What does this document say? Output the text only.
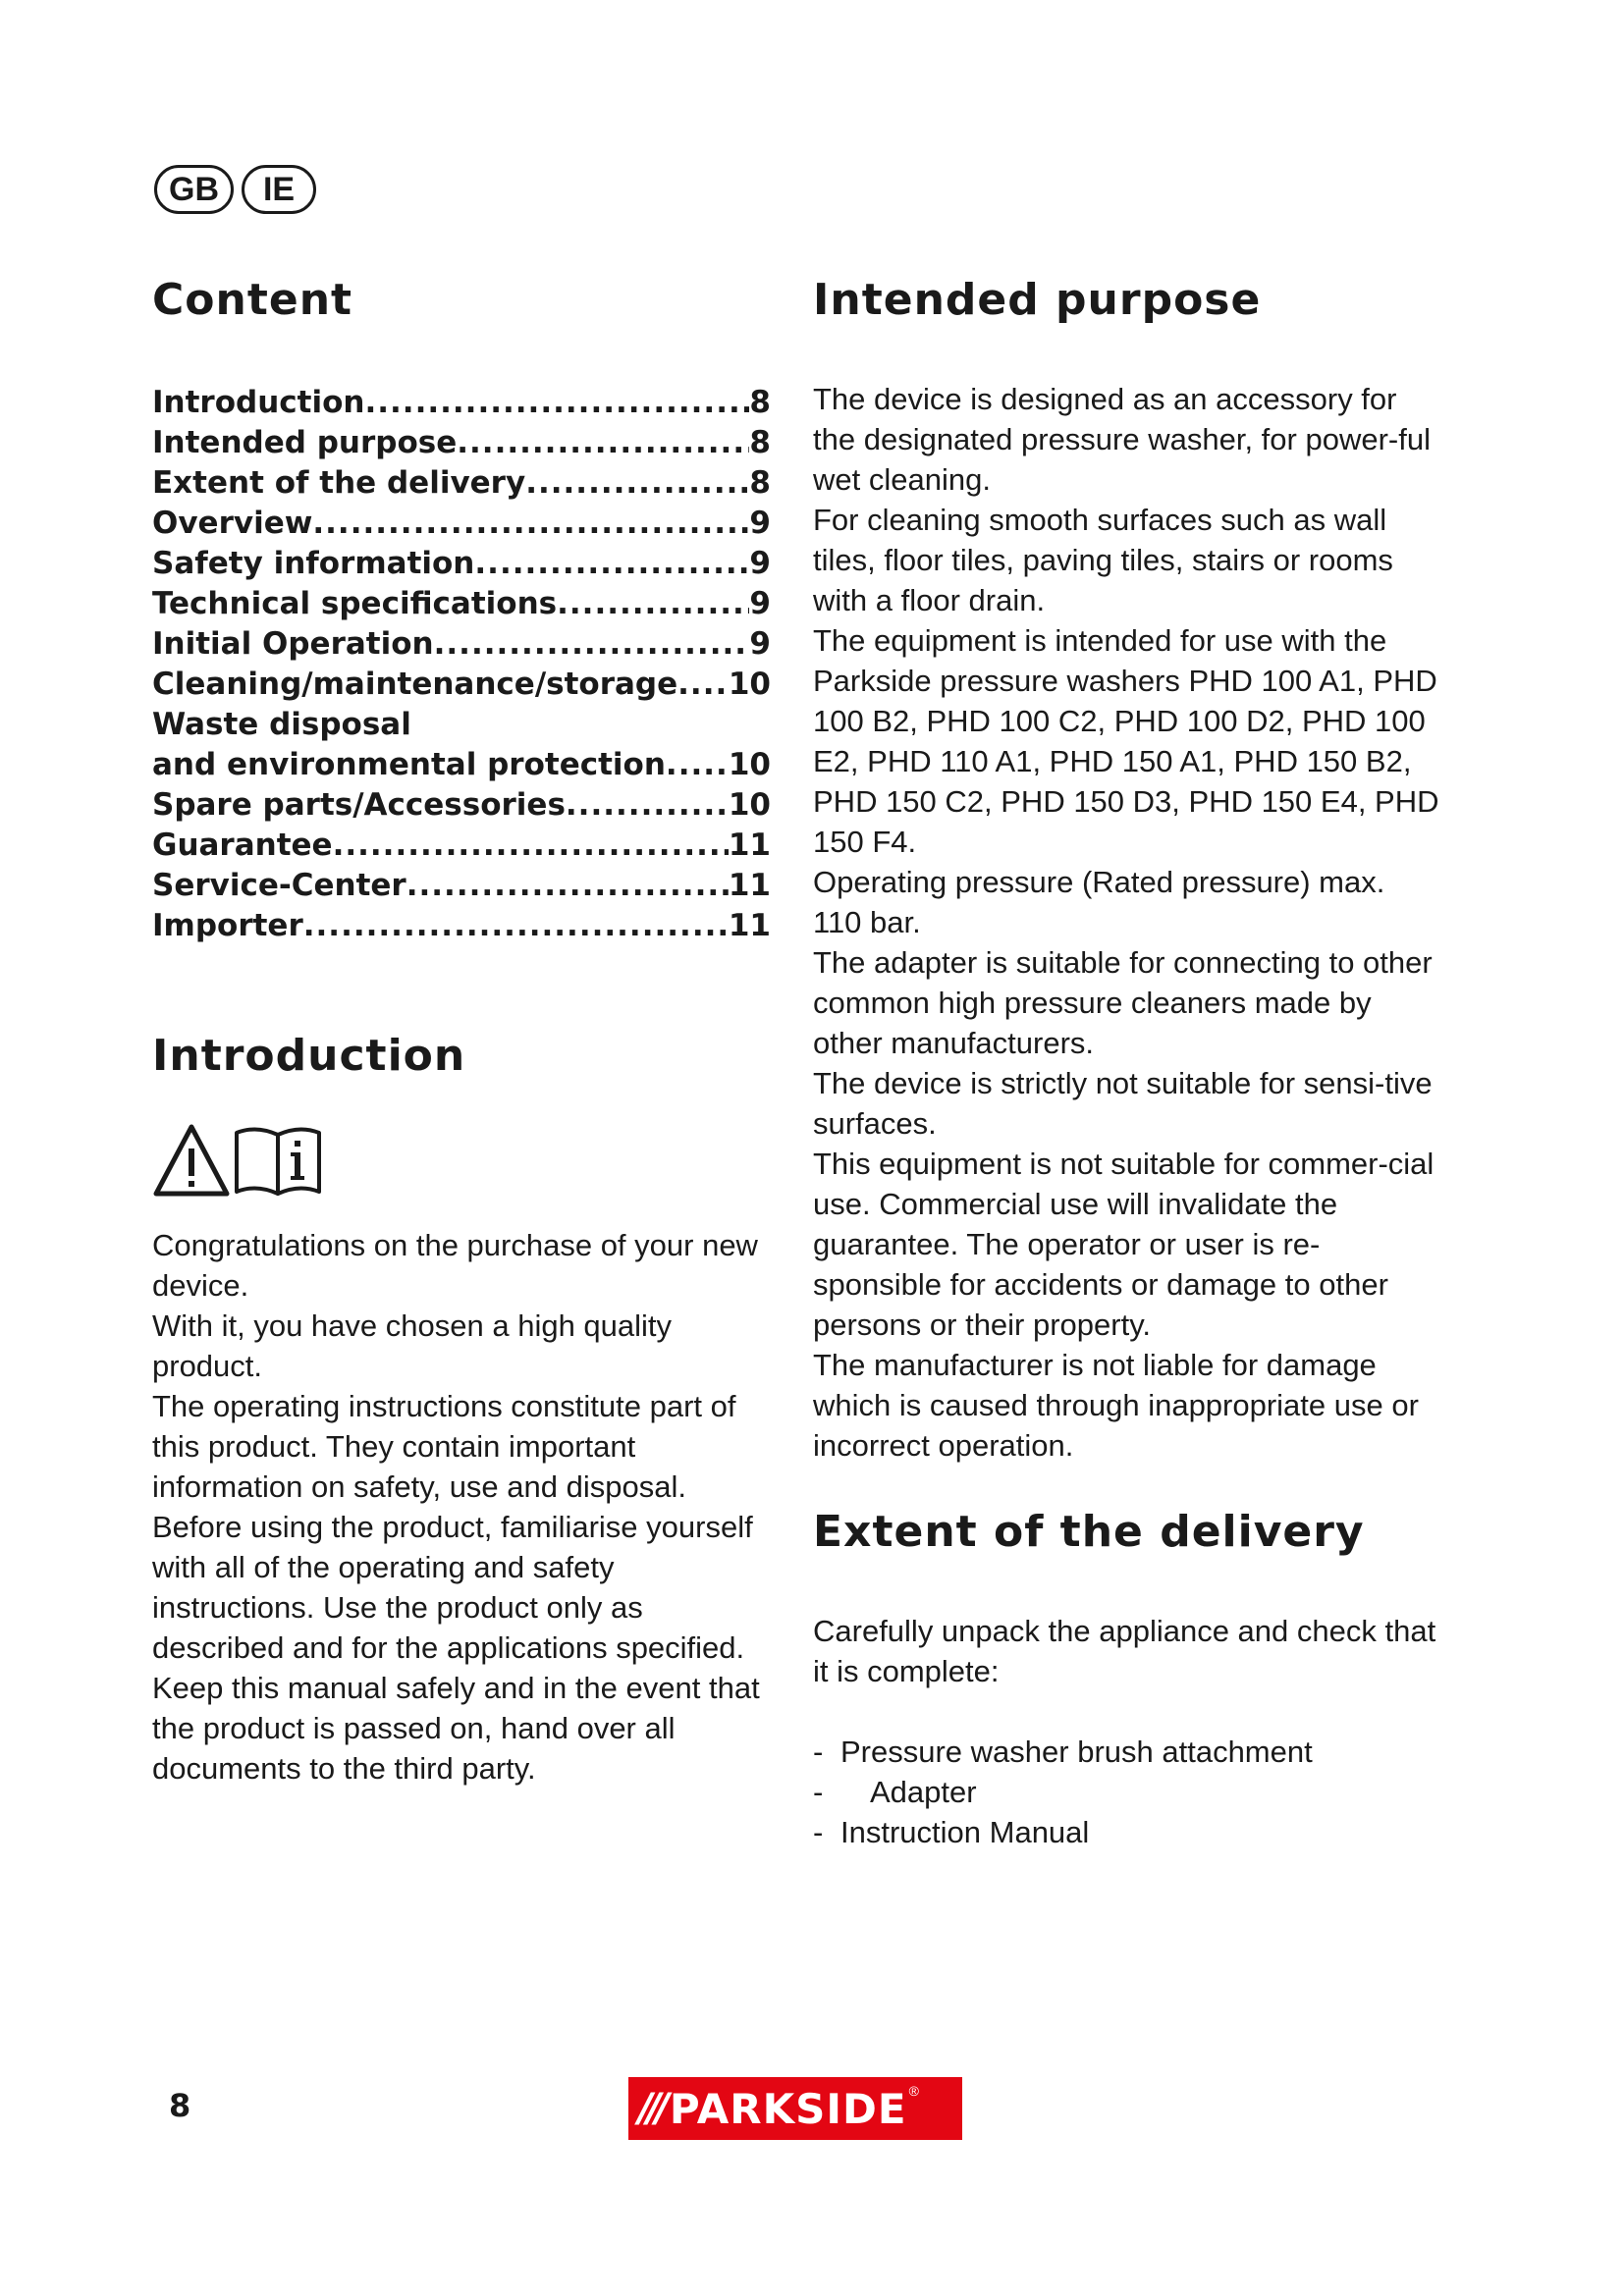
GB	IE
Content
Introduction .....	8
Intended purpose .....	8
Extent of the delivery .....	8
Overview .....	9
Safety information .....	9
Technical specifications .....	9
Initial Operation .....	9
Cleaning/maintenance/storage ..... 10
Waste disposal
and environmental protection ..... 10
Spare parts/Accessories .....	10
Guarantee .....	11
Service-Center .....	11
Importer .....	11
Introduction

Congratulations on the purchase of your new device.

With it, you have chosen a high quality product.

The operating instructions constitute part of this product. They contain important information on safety, use and disposal. Before using the product, familiarise yourself with all of the operating and safety instructions. Use the product only as described and for the applications specified.

Keep this manual safely and in the event that the product is passed on, hand over all documents to the third party.

Intended purpose

The device is designed as an accessory for the designated pressure washer, for power-ful wet cleaning.

For cleaning smooth surfaces such as wall tiles, floor tiles, paving tiles, stairs or rooms with a floor drain.

The equipment is intended for use with the Parkside pressure washers PHD 100 A1, PHD 100 B2, PHD 100 C2, PHD 100 D2, PHD 100 E2, PHD 110 A1, PHD 150 A1, PHD 150 B2, PHD 150 C2, PHD 150 D3, PHD 150 E4, PHD 150 F4.

Operating pressure (Rated pressure) max. 110 bar.

The adapter is suitable for connecting to other common high pressure cleaners made by other manufacturers.

The device is strictly not suitable for sensi-tive surfaces.

This equipment is not suitable for commer-cial use. Commercial use will invalidate the guarantee. The operator or user is re-sponsible for accidents or damage to other persons or their property.

The manufacturer is not liable for damage which is caused through inappropriate use or incorrect operation.

Extent of the delivery

Carefully unpack the appliance and check that it is complete:

- Pressure washer brush attachment
-	Adapter
- Instruction Manual
8	/// PARKSIDE ®
